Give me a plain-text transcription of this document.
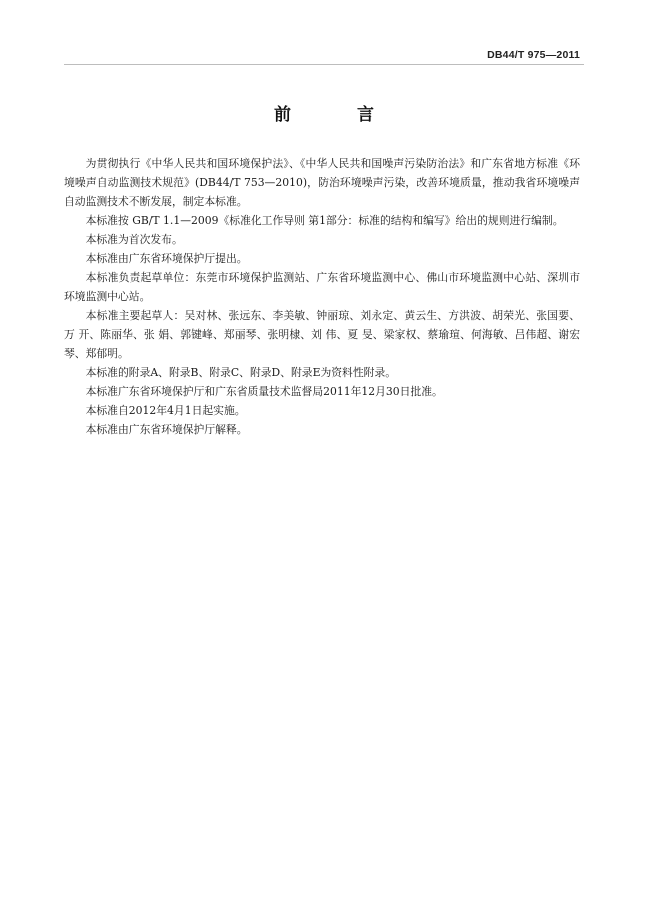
DB44/T 975—2011
前 言

为贯彻执行《中华人民共和国环境保护法》、《中华人民共和国噪声污染防治法》和广东省地方标准《环境噪声自动监测技术规范》(DB44/T 753—2010)，防治环境噪声污染，改善环境质量，推动我省环境噪声自动监测技术不断发展，制定本标准。

本标准按 GB/T 1.1—2009《标准化工作导则 第1部分：标准的结构和编写》给出的规则进行编制。

本标准为首次发布。

本标准由广东省环境保护厅提出。

本标准负责起草单位：东莞市环境保护监测站、广东省环境监测中心、佛山市环境监测中心站、深圳市环境监测中心站。

本标准主要起草人：吴对林、张远东、李美敏、钟丽琼、刘永定、黄云生、方洪波、胡荣光、张国要、万 开、陈丽华、张 娟、郭键峰、郑丽琴、张明棣、刘 伟、夏 旻、梁家权、蔡瑜瑄、何海敏、吕伟超、谢宏琴、郑郁明。

本标准的附录A、附录B、附录C、附录D、附录E为资料性附录。

本标准广东省环境保护厅和广东省质量技术监督局2011年12月30日批准。

本标准自2012年4月1日起实施。

本标准由广东省环境保护厅解释。
